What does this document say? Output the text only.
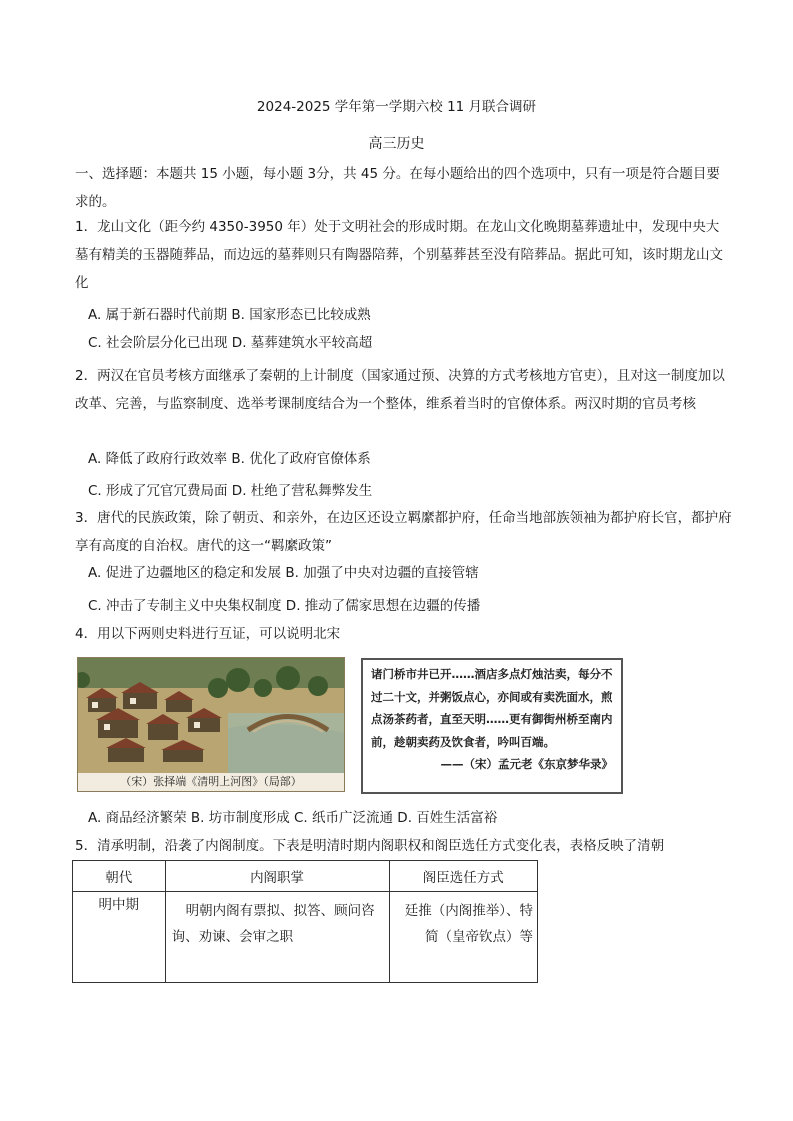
2024-2025 学年第一学期六校 11 月联合调研
高三历史
一、选择题：本题共 15 小题，每小题 3分，共 45 分。在每小题给出的四个选项中，只有一项是符合题目要求的。
1．龙山文化（距今约 4350-3950 年）处于文明社会的形成时期。在龙山文化晚期墓葬遗址中，发现中央大墓有精美的玉器随葬品，而边远的墓葬则只有陶器陪葬，个别墓葬甚至没有陪葬品。据此可知，该时期龙山文化
A. 属于新石器时代前期 B. 国家形态已比较成熟
C. 社会阶层分化已出现 D. 墓葬建筑水平较高超
2．两汉在官员考核方面继承了秦朝的上计制度（国家通过预、决算的方式考核地方官吏），且对这一制度加以改革、完善，与监察制度、选举考课制度结合为一个整体，维系着当时的官僚体系。两汉时期的官员考核
A. 降低了政府行政效率 B. 优化了政府官僚体系
C. 形成了冗官冗费局面 D. 杜绝了营私舞弊发生
3．唐代的民族政策，除了朝贡、和亲外，在边区还设立羁縻都护府，任命当地部族领袖为都护府长官，都护府享有高度的自治权。唐代的这一“羁縻政策”
A. 促进了边疆地区的稳定和发展 B. 加强了中央对边疆的直接管辖
C. 冲击了专制主义中央集权制度 D. 推动了儒家思想在边疆的传播
4．用以下两则史料进行互证，可以说明北宋
（宋）张择端《清明上河图》（局部）
诸门桥市井已开……酒店多点灯烛沽卖，每分不过二十文，并粥饭点心，亦间或有卖洗面水，煎点汤茶药者，直至天明……更有御街州桥至南内前，趁朝卖药及饮食者，吟叫百端。
——（宋）孟元老《东京梦华录》
A. 商品经济繁荣 B. 坊市制度形成 C. 纸币广泛流通 D. 百姓生活富裕
5．清承明制，沿袭了内阁制度。下表是明清时期内阁职权和阁臣选任方式变化表，表格反映了清朝
朝代	内阁职掌	阁臣选任方式
明中期	明朝内阁有票拟、拟答、顾问咨询、劝谏、会审之职	廷推（内阁推举）、特简（皇帝钦点）等
